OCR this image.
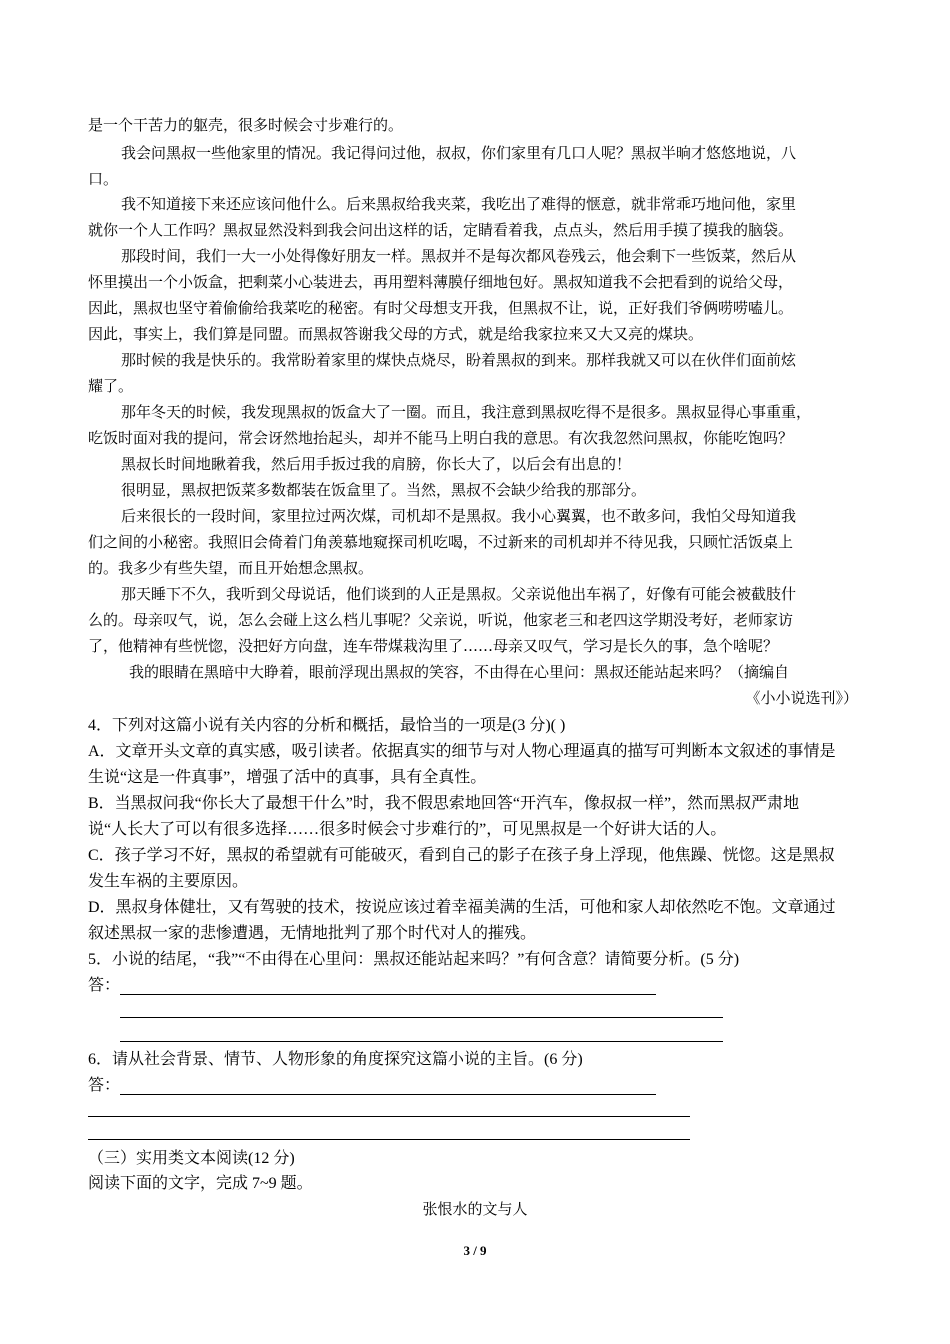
是一个干苦力的躯壳，很多时候会寸步难行的。
我会问黑叔一些他家里的情况。我记得问过他，叔叔，你们家里有几口人呢？黑叔半晌才悠悠地说，八
口。
我不知道接下来还应该问他什么。后来黑叔给我夹菜，我吃出了难得的惬意，就非常乖巧地问他，家里
就你一个人工作吗？黑叔显然没料到我会问出这样的话，定睛看着我，点点头，然后用手摸了摸我的脑袋。
那段时间，我们一大一小处得像好朋友一样。黑叔并不是每次都风卷残云，他会剩下一些饭菜，然后从
怀里摸出一个小饭盒，把剩菜小心装进去，再用塑料薄膜仔细地包好。黑叔知道我不会把看到的说给父母，
因此，黑叔也坚守着偷偷给我菜吃的秘密。有时父母想支开我，但黑叔不让，说，正好我们爷俩唠唠嗑儿。
因此，事实上，我们算是同盟。而黑叔答谢我父母的方式，就是给我家拉来又大又亮的煤块。
那时候的我是快乐的。我常盼着家里的煤快点烧尽，盼着黑叔的到来。那样我就又可以在伙伴们面前炫
耀了。
那年冬天的时候，我发现黑叔的饭盒大了一圈。而且，我注意到黑叔吃得不是很多。黑叔显得心事重重，
吃饭时面对我的提问，常会讶然地抬起头，却并不能马上明白我的意思。有次我忽然问黑叔，你能吃饱吗？
黑叔长时间地瞅着我，然后用手扳过我的肩膀，你长大了，以后会有出息的！
很明显，黑叔把饭菜多数都装在饭盒里了。当然，黑叔不会缺少给我的那部分。
后来很长的一段时间，家里拉过两次煤，司机却不是黑叔。我小心翼翼，也不敢多问，我怕父母知道我
们之间的小秘密。我照旧会倚着门角羡慕地窥探司机吃喝，不过新来的司机却并不待见我，只顾忙活饭桌上
的。我多少有些失望，而且开始想念黑叔。
那天睡下不久，我听到父母说话，他们谈到的人正是黑叔。父亲说他出车祸了，好像有可能会被截肢什
么的。母亲叹气，说，怎么会碰上这么档儿事呢？父亲说，听说，他家老三和老四这学期没考好，老师家访
了，他精神有些恍惚，没把好方向盘，连车带煤栽沟里了……母亲又叹气，学习是长久的事，急个啥呢？
我的眼睛在黑暗中大睁着，眼前浮现出黑叔的笑容，不由得在心里问：黑叔还能站起来吗？（摘编自
《小小说选刊》）
4．下列对这篇小说有关内容的分析和概括，最恰当的一项是(3 分)( )
A．文章开头文章的真实感，吸引读者。依据真实的细节与对人物心理逼真的描写可判断本文叙述的事情是
生说“这是一件真事”，增强了活中的真事，具有全真性。
B．当黑叔问我“你长大了最想干什么”时，我不假思索地回答“开汽车，像叔叔一样”，然而黑叔严肃地
说“人长大了可以有很多选择……很多时候会寸步难行的”，可见黑叔是一个好讲大话的人。
C．孩子学习不好，黑叔的希望就有可能破灭，看到自己的影子在孩子身上浮现，他焦躁、恍惚。这是黑叔
发生车祸的主要原因。
D．黑叔身体健壮，又有驾驶的技术，按说应该过着幸福美满的生活，可他和家人却依然吃不饱。文章通过
叙述黑叔一家的悲惨遭遇，无情地批判了那个时代对人的摧残。
5．小说的结尾，“我”“不由得在心里问：黑叔还能站起来吗？”有何含意？请简要分析。(5 分)
答：
6．请从社会背景、情节、人物形象的角度探究这篇小说的主旨。(6 分)
答：
（三）实用类文本阅读(12 分)
阅读下面的文字，完成 7~9 题。
张恨水的文与人
3 / 9
